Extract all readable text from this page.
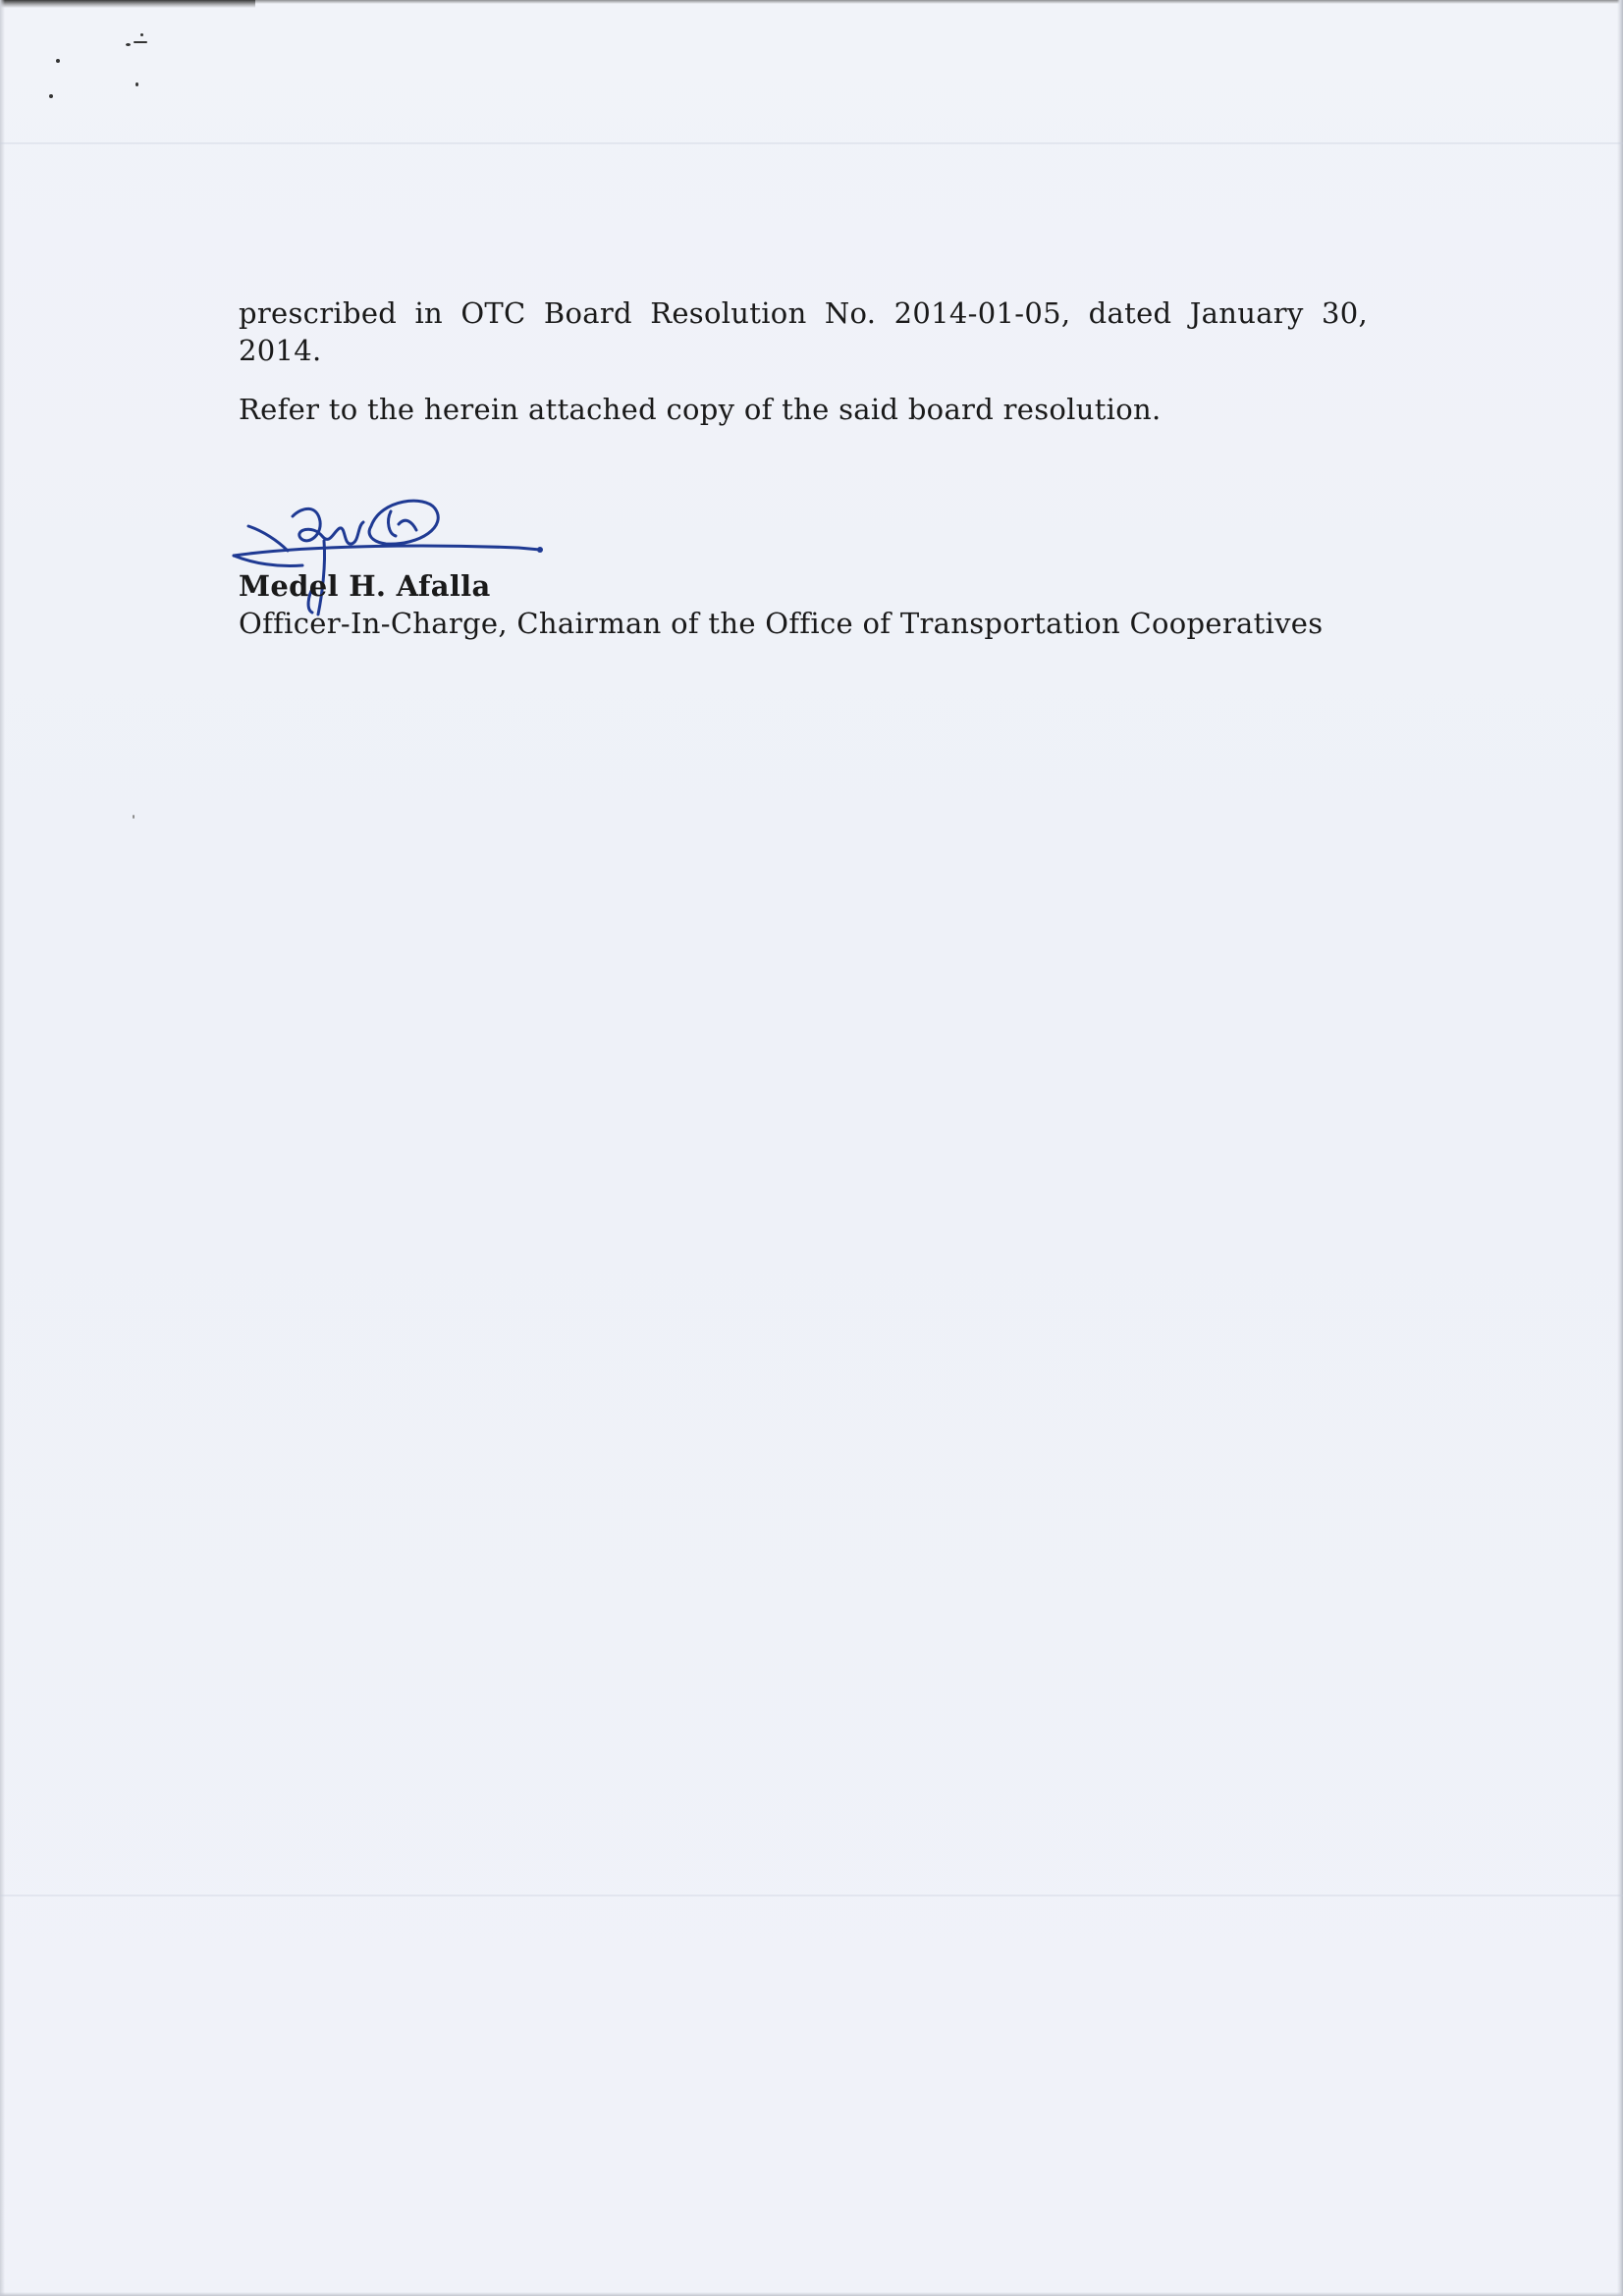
prescribed in OTC Board Resolution No. 2014-01-05, dated January 30, 2014.

Refer to the herein attached copy of the said board resolution.

Medel H. Afalla
Officer-In-Charge, Chairman of the Office of Transportation Cooperatives
